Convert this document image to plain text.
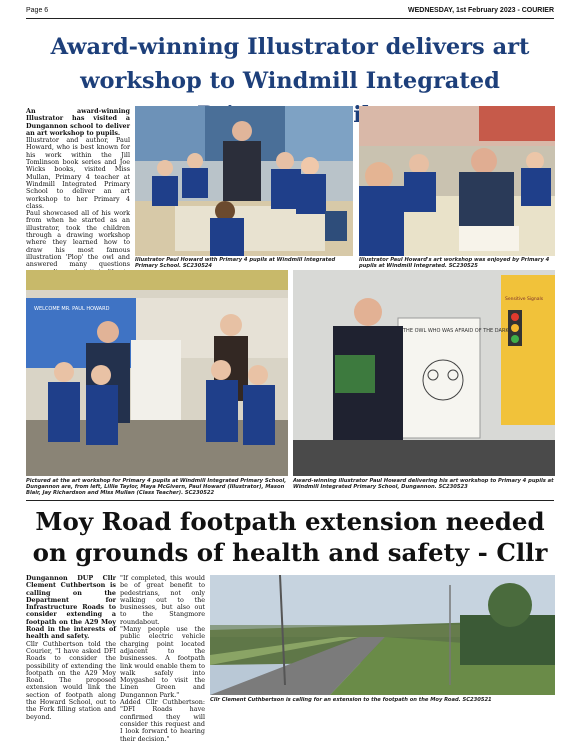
Page 6	WEDNESDAY, 1st February 2023 - COURIER
Award-winning Illustrator delivers art workshop to Windmill Integrated
An award-winning Illustrator has visited a Dungannon school to deliver an art workshop to pupils.
Illustrator and author, Paul Howard, who is best known for his work within the Jill Tomlinson book series and Joe Wicks books, visited Miss Mullan, Primary 4 teacher at Windmill Integrated Primary School to deliver an art workshop to her Primary 4 class.
Paul showcased all of his work from when he started as an illustrator, took the children through a drawing workshop where they learned how to draw his most famous illustration 'Plop' the owl and answered many questions
Illustrator Paul Howard with Primary 4 pupils at Windmill Integrated Primary School. SC230524
Illustrator Paul Howard's art workshop was enjoyed by Primary 4 pupils at Windmill Integrated. SC230525
WELCOME MR. PAUL HOWARD
Pictured at the art workshop for Primary 4 pupils at Windmill Integrated Primary School, Dungannon are, from left, Lillie Taylor, Maya McGivern, Paul Howard (Illustrator), Mason Blair, Jay Richardson and Miss Mullan (Class Teacher). SC230522
THE OWL WHO WAS AFRAID OF THE DARK
Sensitive Signals
Award-winning illustrator Paul Howard delivering his art workshop to Primary 4 pupils at Windmill Integrated Primary School, Dungannon. SC230523
Moy Road footpath extension needed on grounds of health and safety - Cllr
Dungannon DUP Cllr Clement Cuthbertson is calling on the Department for Infrastructure Roads to consider extending a footpath on the A29 Moy Road in the interests of health and safety.
Cllr Cuthbertson told the Courier, "I have asked DFI Roads to consider the possibility of extending the footpath on the A29 Moy Road. The proposed extension would link the section of footpath along the Howard School, out to the Fork filling station and beyond.
"If completed, this would be of great benefit to pedestrians, not only walking out to the businesses, but also out to the Stangmore roundabout.
"Many people use the public electric vehicle charging point located adjacent to the businesses. A footpath link would enable them to walk safely into Moygashel to visit the Linen Green and Dungannon Park."
Added Cllr Cuthbertson: "DFI Roads have confirmed they will consider this request and I look forward to hearing their decision."
Cllr Clement Cuthbertson is calling for an extension to the footpath on the Moy Road. SC230521
